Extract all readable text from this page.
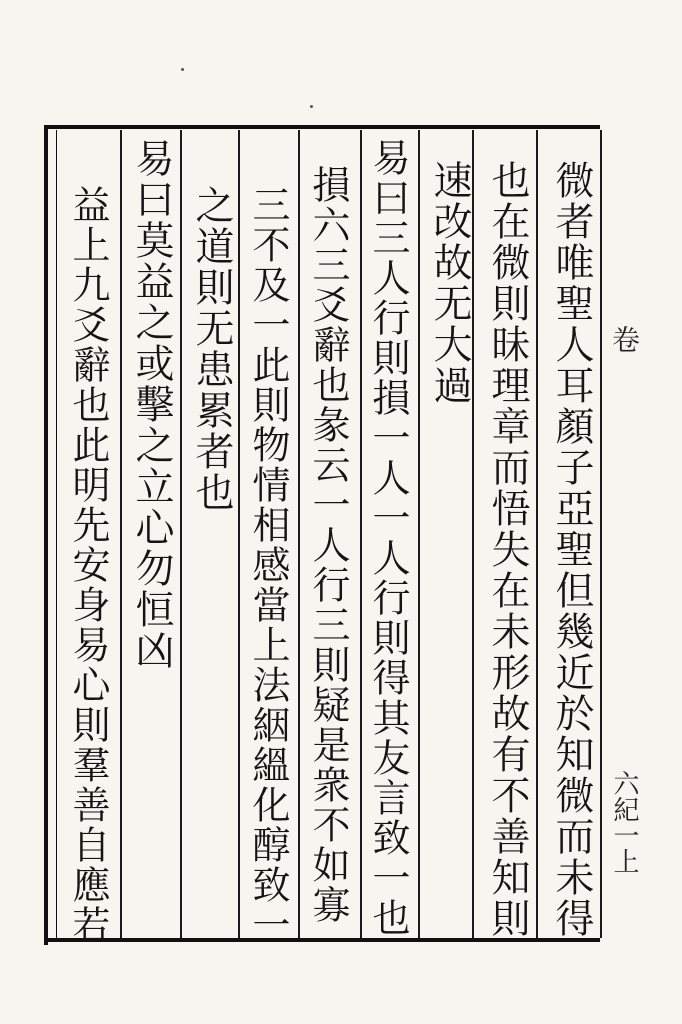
微者唯聖人耳顏子亞聖但幾近於知微而未得
也在微則昧理章而悟失在未形故有不善知則
速改故无大過
易曰三人行則損一人一人行則得其友言致一也
損六三爻辭也彖云一人行三則疑是衆不如寡
三不及一此則物情相感當上法絪縕化醇致一
之道則无患累者也
易曰莫益之或擊之立心勿恒凶
益上九爻辭也此明先安身易心則羣善自應若	卷
六紀一上
